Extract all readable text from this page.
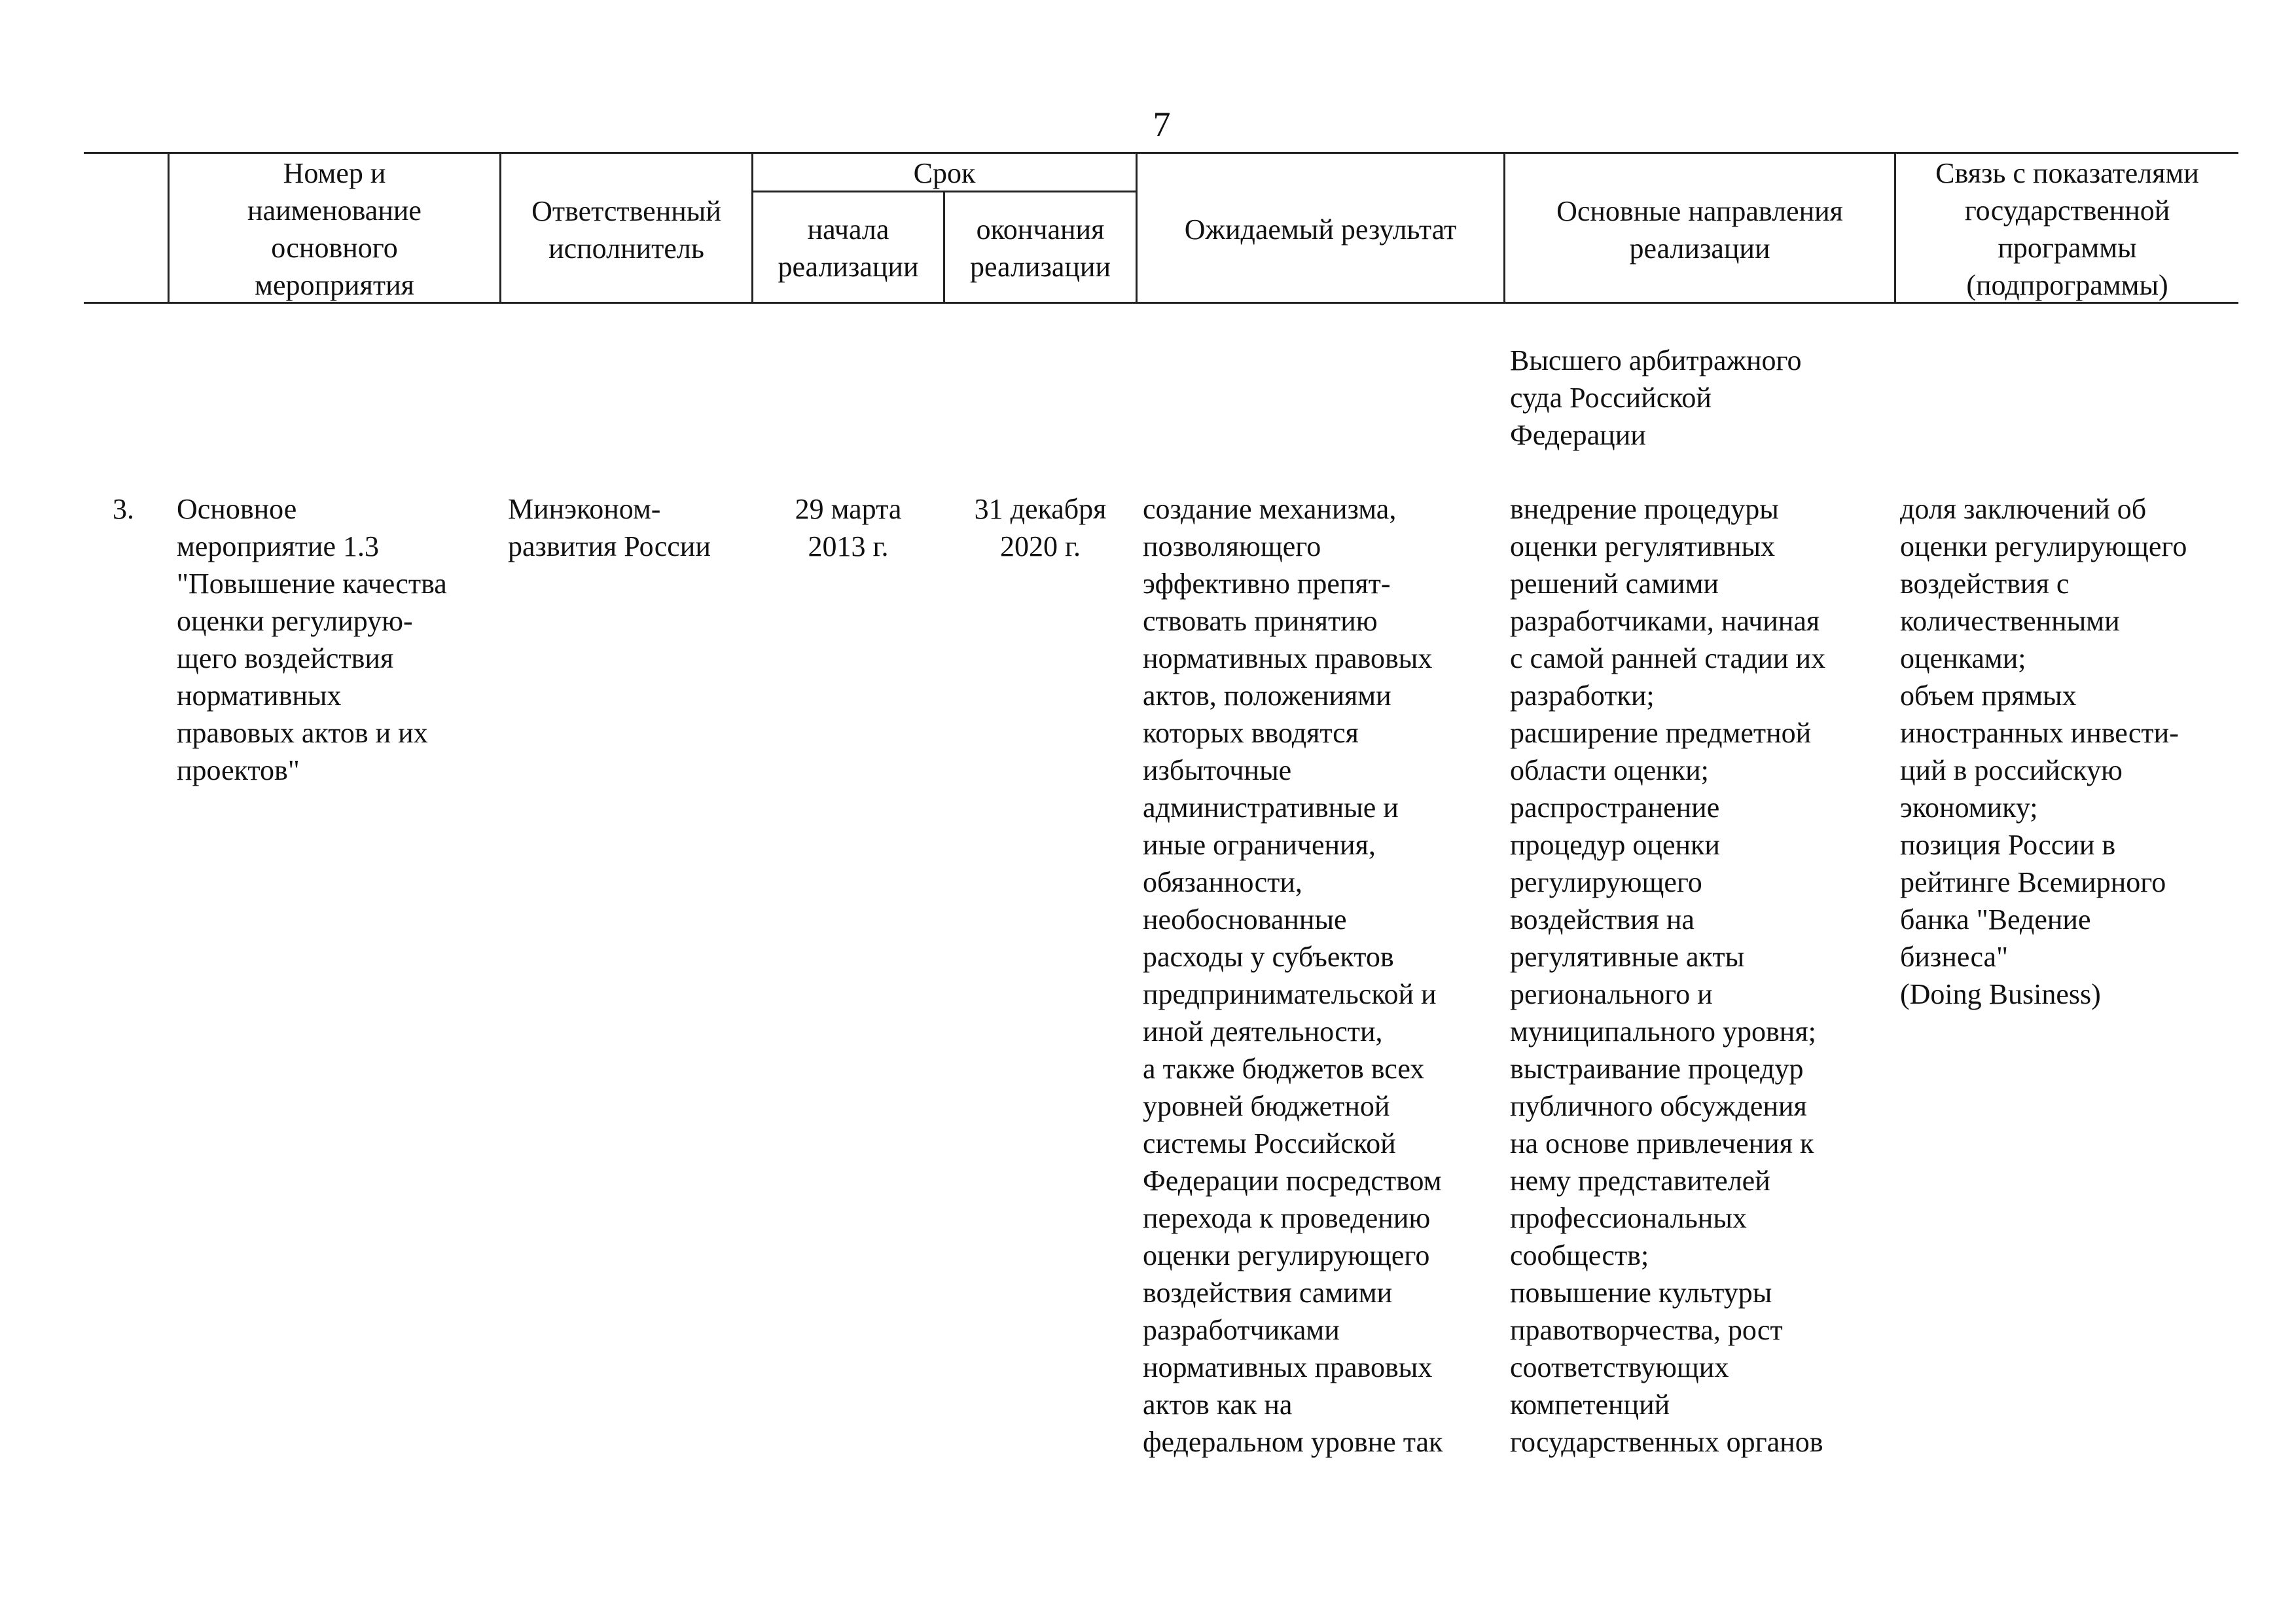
7
Номер и
наименование
основного
мероприятия
Ответственный
исполнитель
Срок
начала
реализации
окончания
реализации
Ожидаемый результат
Основные направления
реализации
Связь с показателями
государственной
программы
(подпрограммы)
Высшего арбитражного
суда Российской
Федерации
3.	Основное
мероприятие 1.3
"Повышение качества
оценки регулирую-
щего воздействия
нормативных
правовых актов и их
проектов"
Минэконом-
развития России
29 марта
2013 г.
31 декабря
2020 г.
создание механизма,
позволяющего
эффективно препят-
ствовать принятию
нормативных правовых
актов, положениями
которых вводятся
избыточные
административные и
иные ограничения,
обязанности,
необоснованные
расходы у субъектов
предпринимательской и
иной деятельности,
а также бюджетов всех
уровней бюджетной
системы Российской
Федерации посредством
перехода к проведению
оценки регулирующего
воздействия самими
разработчиками
нормативных правовых
актов как на
федеральном уровне так
внедрение процедуры
оценки регулятивных
решений самими
разработчиками, начиная
с самой ранней стадии их
разработки;
расширение предметной
области оценки;
распространение
процедур оценки
регулирующего
воздействия на
регулятивные акты
регионального и
муниципального уровня;
выстраивание процедур
публичного обсуждения
на основе привлечения к
нему представителей
профессиональных
сообществ;
повышение культуры
правотворчества, рост
соответствующих
компетенций
государственных органов
доля заключений об
оценки регулирующего
воздействия с
количественными
оценками;
объем прямых
иностранных инвести-
ций в российскую
экономику;
позиция России в
рейтинге Всемирного
банка "Ведение
бизнеса"
(Doing Business)
